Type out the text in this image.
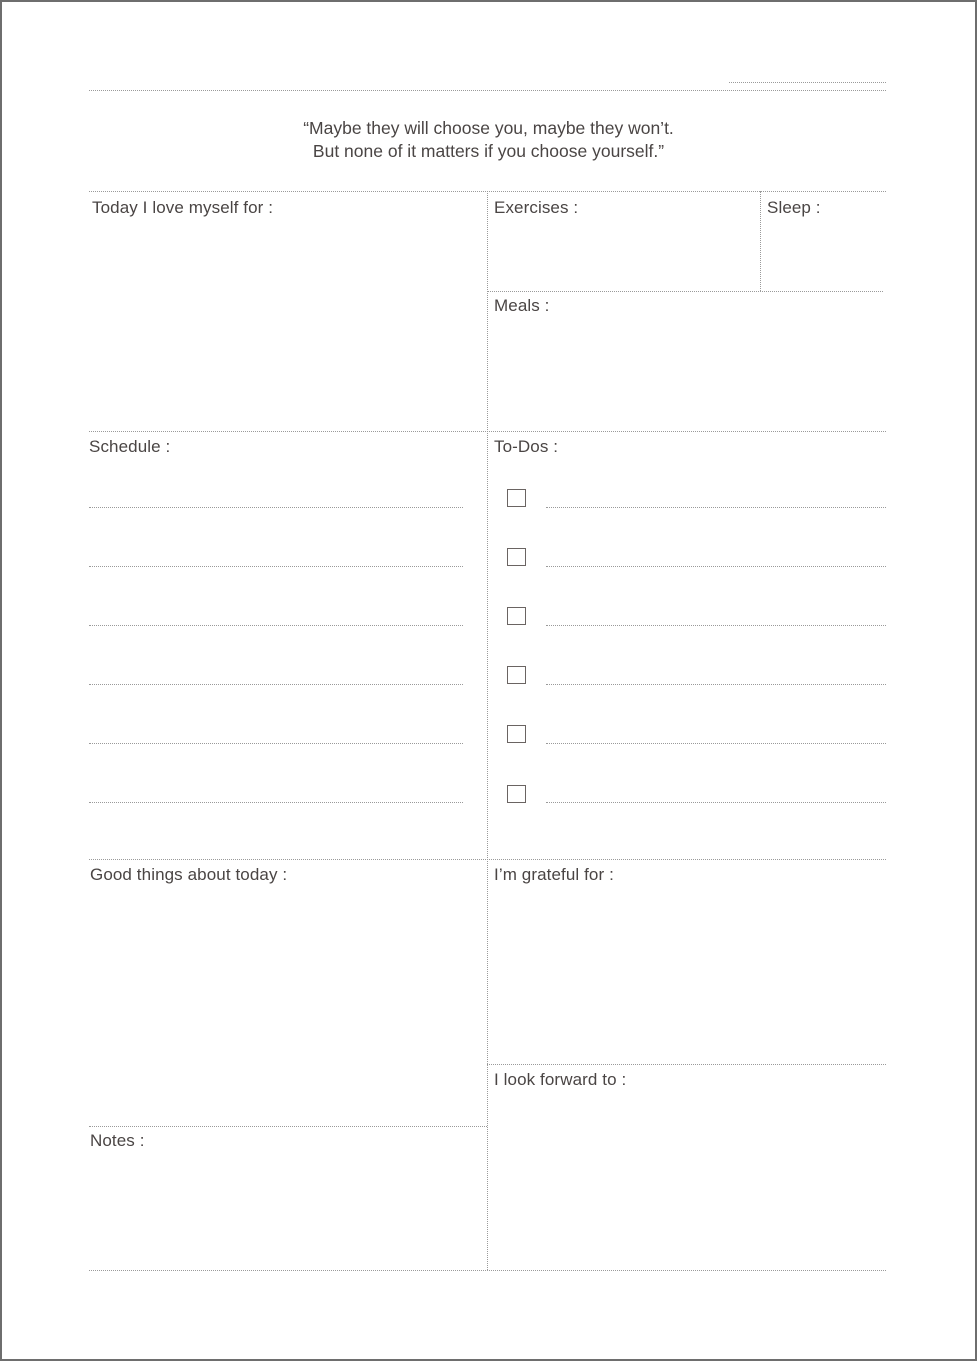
“Maybe they will choose you, maybe they won’t.
But none of it matters if you choose yourself.”
Today I love myself for :	Exercises :	Sleep :
Meals :
Schedule :	To-Dos :
Good things about today :	I’m grateful for :
I look forward to :
Notes :
